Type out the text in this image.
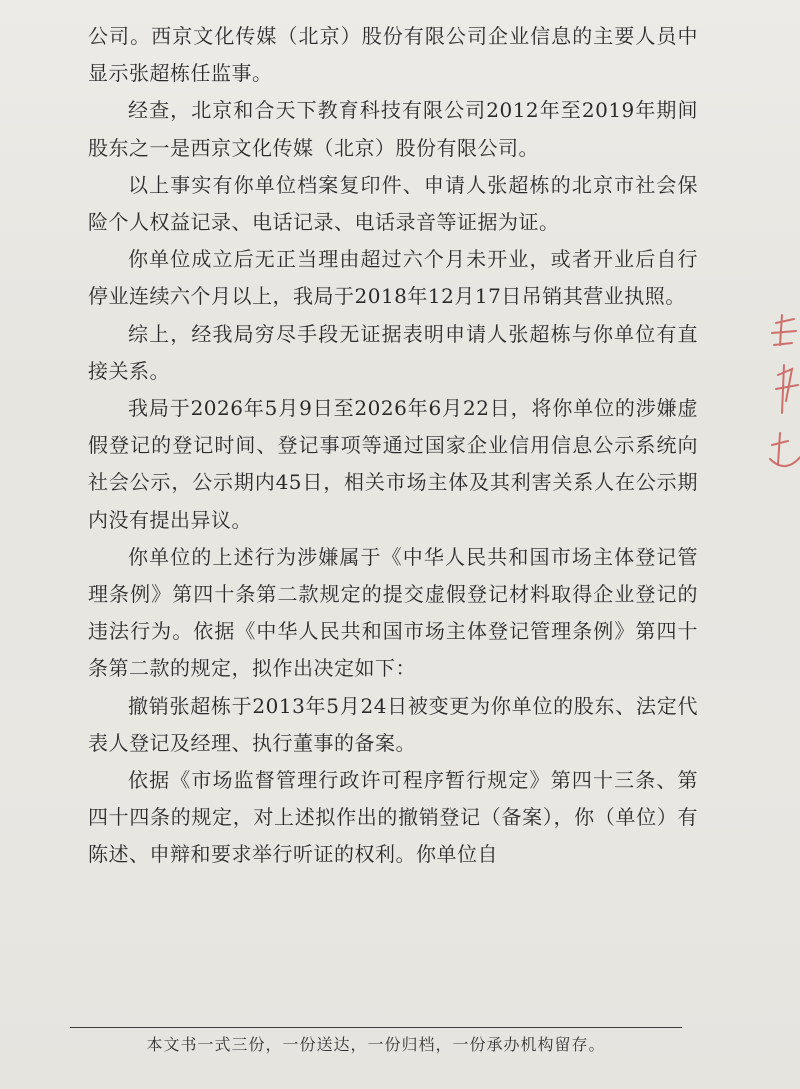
公司。西京文化传媒（北京）股份有限公司企业信息的主要人员中显示张超栋任监事。

经查，北京和合天下教育科技有限公司2012年至2019年期间股东之一是西京文化传媒（北京）股份有限公司。

以上事实有你单位档案复印件、申请人张超栋的北京市社会保险个人权益记录、电话记录、电话录音等证据为证。

你单位成立后无正当理由超过六个月未开业，或者开业后自行停业连续六个月以上，我局于2018年12月17日吊销其营业执照。

综上，经我局穷尽手段无证据表明申请人张超栋与你单位有直接关系。

我局于2026年5月9日至2026年6月22日，将你单位的涉嫌虚假登记的登记时间、登记事项等通过国家企业信用信息公示系统向社会公示，公示期内45日，相关市场主体及其利害关系人在公示期内没有提出异议。

你单位的上述行为涉嫌属于《中华人民共和国市场主体登记管理条例》第四十条第二款规定的提交虚假登记材料取得企业登记的违法行为。依据《中华人民共和国市场主体登记管理条例》第四十条第二款的规定，拟作出决定如下：

撤销张超栋于2013年5月24日被变更为你单位的股东、法定代表人登记及经理、执行董事的备案。

依据《市场监督管理行政许可程序暂行规定》第四十三条、第四十四条的规定，对上述拟作出的撤销登记（备案），你（单位）有陈述、申辩和要求举行听证的权利。你单位自

本文书一式三份，一份送达，一份归档，一份承办机构留存。
